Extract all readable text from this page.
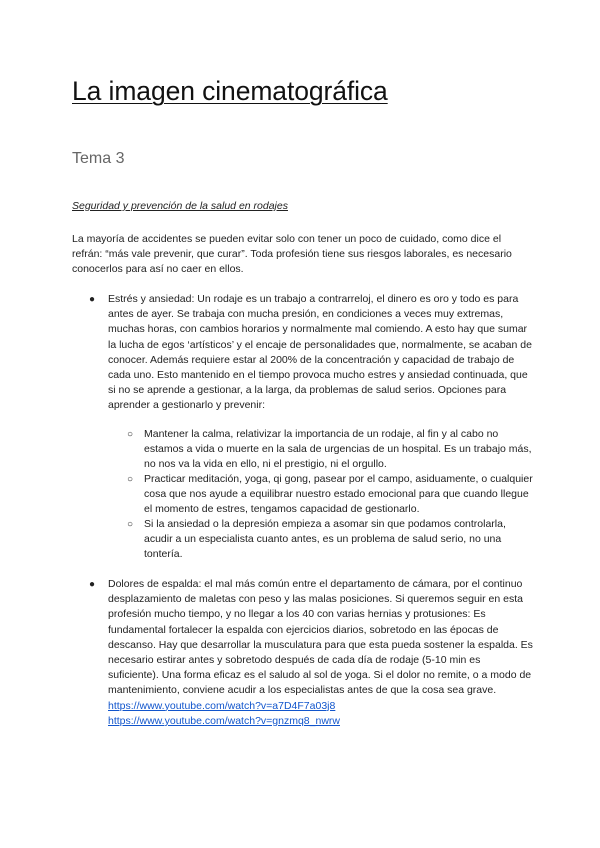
La imagen cinematográfica
Tema 3
Seguridad y prevención de la salud en rodajes
La mayoría de accidentes se pueden evitar solo con tener un poco de cuidado, como dice el refrán: “más vale prevenir, que curar”. Toda profesión tiene sus riesgos laborales, es necesario conocerlos para así no caer en ellos.
● Estrés y ansiedad: Un rodaje es un trabajo a contrarreloj, el dinero es oro y todo es para antes de ayer. Se trabaja con mucha presión, en condiciones a veces muy extremas, muchas horas, con cambios horarios y normalmente mal comiendo. A esto hay que sumar la lucha de egos ‘artísticos’ y el encaje de personalidades que, normalmente, se acaban de conocer. Además requiere estar al 200% de la concentración y capacidad de trabajo de cada uno. Esto mantenido en el tiempo provoca mucho estres y ansiedad continuada, que si no se aprende a gestionar, a la larga, da problemas de salud serios. Opciones para aprender a gestionarlo y prevenir:
○ Mantener la calma, relativizar la importancia de un rodaje, al fin y al cabo no estamos a vida o muerte en la sala de urgencias de un hospital. Es un trabajo más, no nos va la vida en ello, ni el prestigio, ni el orgullo.
○ Practicar meditación, yoga, qi gong, pasear por el campo, asiduamente, o cualquier cosa que nos ayude a equilibrar nuestro estado emocional para que cuando llegue el momento de estres, tengamos capacidad de gestionarlo.
○ Si la ansiedad o la depresión empieza a asomar sin que podamos controlarla, acudir a un especialista cuanto antes, es un problema de salud serio, no una tontería.
● Dolores de espalda: el mal más común entre el departamento de cámara, por el continuo desplazamiento de maletas con peso y las malas posiciones. Si queremos seguir en esta profesión mucho tiempo, y no llegar a los 40 con varias hernias y protusiones: Es fundamental fortalecer la espalda con ejercicios diarios, sobretodo en las épocas de descanso. Hay que desarrollar la musculatura para que esta pueda sostener la espalda. Es necesario estirar antes y sobretodo después de cada día de rodaje (5-10 min es suficiente). Una forma eficaz es el saludo al sol de yoga. Si el dolor no remite, o a modo de mantenimiento, conviene acudir a los especialistas antes de que la cosa sea grave.
https://www.youtube.com/watch?v=a7D4F7a03j8
https://www.youtube.com/watch?v=gnzmq8_nwrw
